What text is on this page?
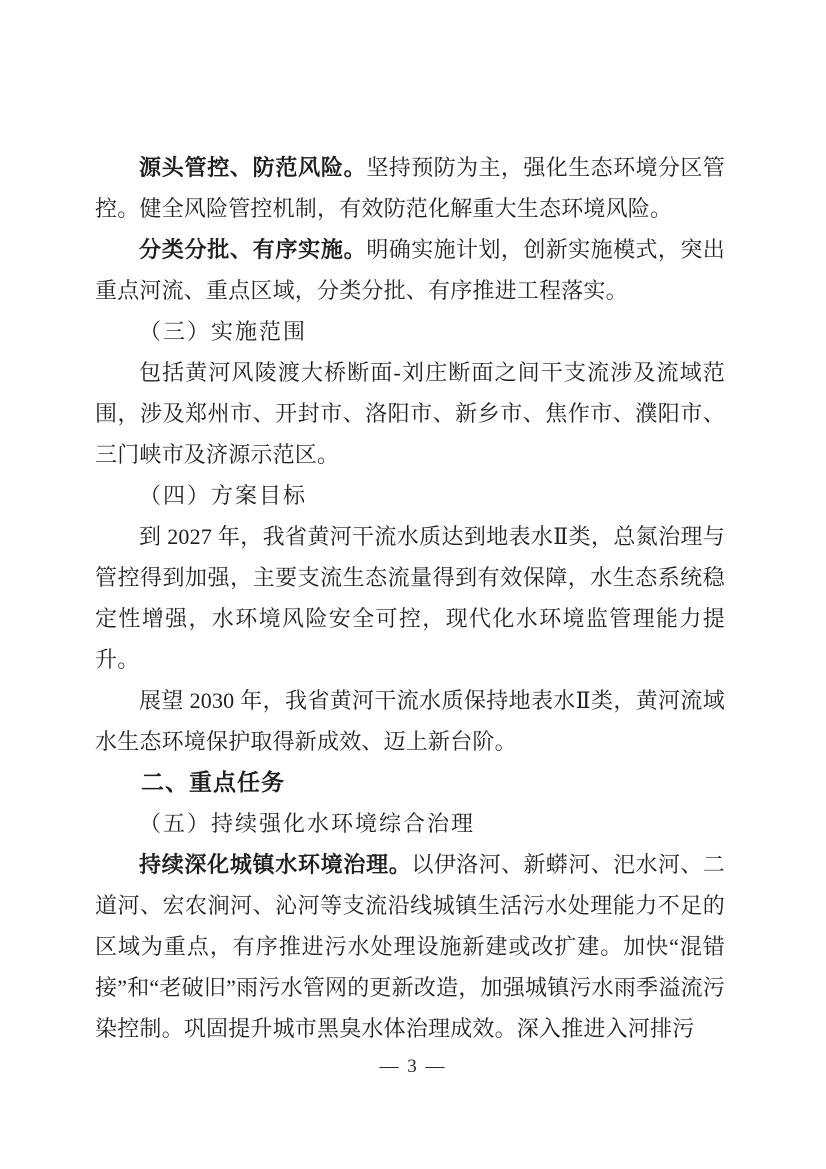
源头管控、防范风险。坚持预防为主，强化生态环境分区管控。健全风险管控机制，有效防范化解重大生态环境风险。

分类分批、有序实施。明确实施计划，创新实施模式，突出重点河流、重点区域，分类分批、有序推进工程落实。

（三）实施范围

包括黄河风陵渡大桥断面-刘庄断面之间干支流涉及流域范围，涉及郑州市、开封市、洛阳市、新乡市、焦作市、濮阳市、三门峡市及济源示范区。

（四）方案目标

到 2027 年，我省黄河干流水质达到地表水Ⅱ类，总氮治理与管控得到加强，主要支流生态流量得到有效保障，水生态系统稳定性增强，水环境风险安全可控，现代化水环境监管理能力提升。

展望 2030 年，我省黄河干流水质保持地表水Ⅱ类，黄河流域水生态环境保护取得新成效、迈上新台阶。

二、重点任务

（五）持续强化水环境综合治理

持续深化城镇水环境治理。以伊洛河、新蟒河、汜水河、二道河、宏农涧河、沁河等支流沿线城镇生活污水处理能力不足的区域为重点，有序推进污水处理设施新建或改扩建。加快“混错接”和“老破旧”雨污水管网的更新改造，加强城镇污水雨季溢流污染控制。巩固提升城市黑臭水体治理成效。深入推进入河排污

— 3 —
